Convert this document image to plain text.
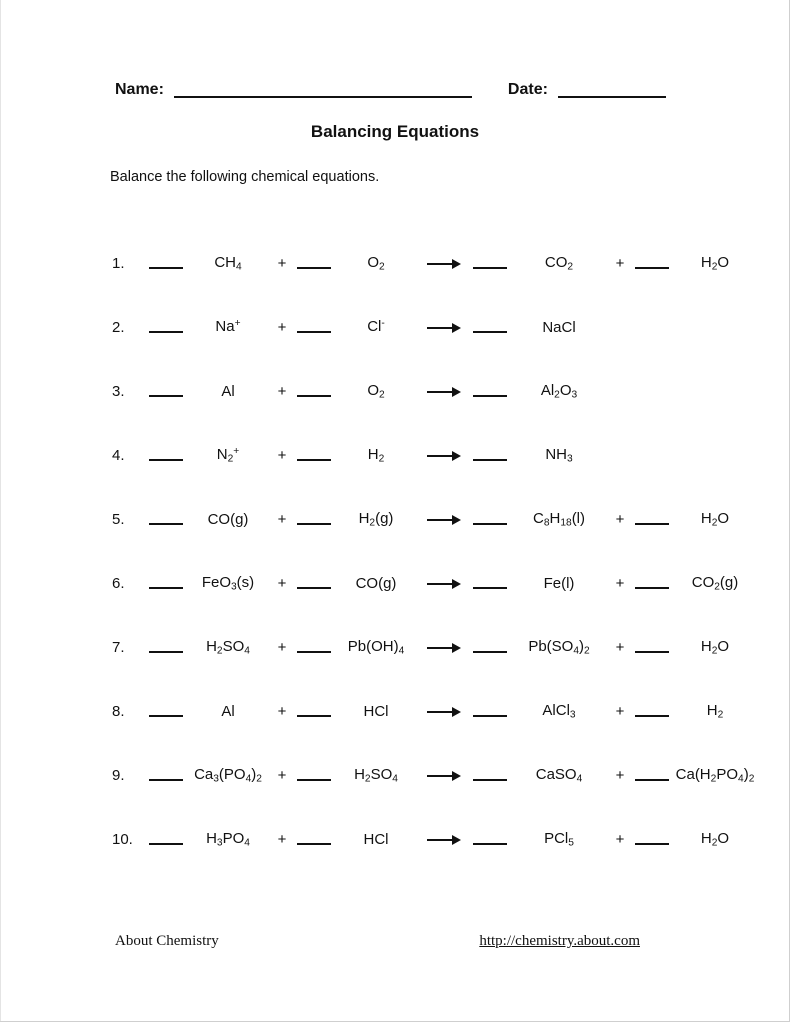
Name:	Date:
Balancing Equations
Balance the following chemical equations.
1.	$CH_4$	+	$O_2$	$CO_2$	+	$H_2O$
2.	Na+	+	Cl-	NaCl
3.	Al	+	$O_2$	$Al_2O_3$
4.	$N_2^+$	+	$H_2$	$NH_3$
5.	CO(g)	+	$H_2(g)$	$C_8H_{18}(l)$	+	$H_2O$
6.	FeO$_3$(s)	+	CO(g)	Fe(l)	+	$CO_2(g)$
7.	$H_2SO_4$	+	$Pb(OH)_4$	$Pb(SO_4)_2$	+	$H_2O$
8.	Al	+	HCl	AlCl$_3$	+	$H_2$
9.	$Ca_3(PO_4)_2$	+	$H_2SO_4$	CaSO$_4$	+	$Ca(H_2PO_4)_2$
10.	$H_3PO_4$	+	HCl	PCl$_5$	+	$H_2O$
About Chemistry	http://chemistry.about.com
